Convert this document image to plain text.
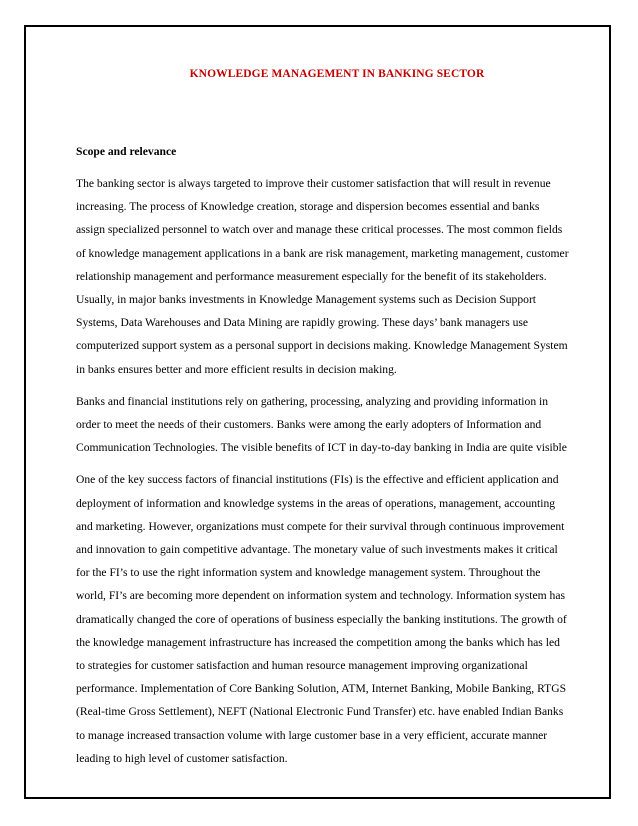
KNOWLEDGE MANAGEMENT IN BANKING SECTOR

Scope and relevance

The banking sector is always targeted to improve their customer satisfaction that will result in revenue
increasing. The process of Knowledge creation, storage and dispersion becomes essential and banks
assign specialized personnel to watch over and manage these critical processes. The most common fields
of knowledge management applications in a bank are risk management, marketing management, customer
relationship management and performance measurement especially for the benefit of its stakeholders.
Usually, in major banks investments in Knowledge Management systems such as Decision Support
Systems, Data Warehouses and Data Mining are rapidly growing. These days’ bank managers use
computerized support system as a personal support in decisions making. Knowledge Management System
in banks ensures better and more efficient results in decision making.

Banks and financial institutions rely on gathering, processing, analyzing and providing information in
order to meet the needs of their customers. Banks were among the early adopters of Information and
Communication Technologies. The visible benefits of ICT in day-to-day banking in India are quite visible

One of the key success factors of financial institutions (FIs) is the effective and efficient application and
deployment of information and knowledge systems in the areas of operations, management, accounting
and marketing. However, organizations must compete for their survival through continuous improvement
and innovation to gain competitive advantage. The monetary value of such investments makes it critical
for the FI’s to use the right information system and knowledge management system. Throughout the
world, FI’s are becoming more dependent on information system and technology. Information system has
dramatically changed the core of operations of business especially the banking institutions. The growth of
the knowledge management infrastructure has increased the competition among the banks which has led
to strategies for customer satisfaction and human resource management improving organizational
performance. Implementation of Core Banking Solution, ATM, Internet Banking, Mobile Banking, RTGS
(Real-time Gross Settlement), NEFT (National Electronic Fund Transfer) etc. have enabled Indian Banks
to manage increased transaction volume with large customer base in a very efficient, accurate manner
leading to high level of customer satisfaction.
